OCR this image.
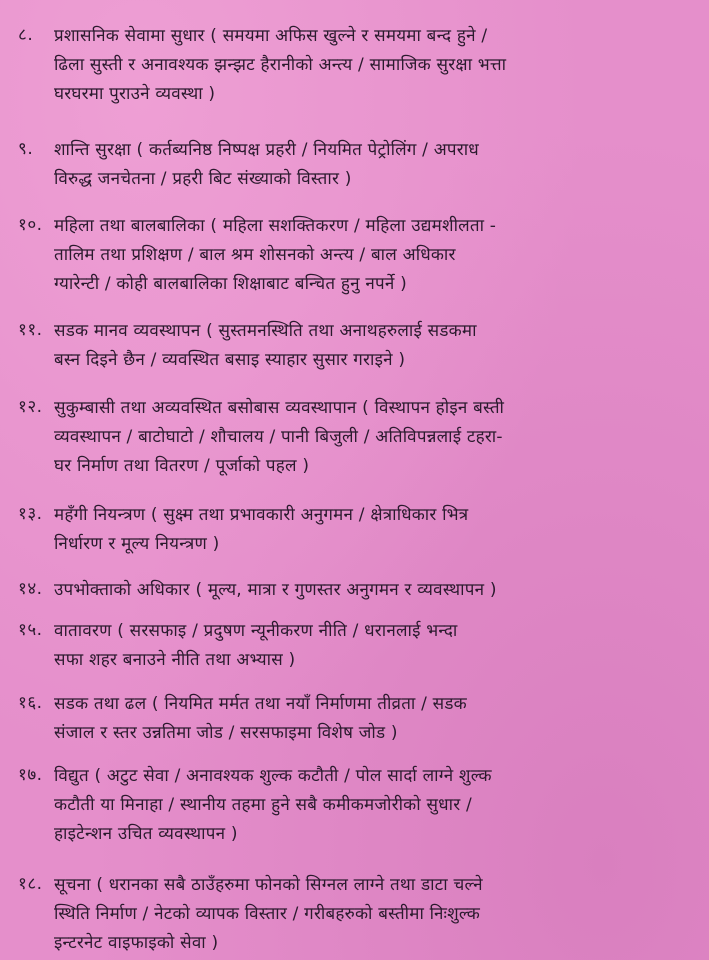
८. प्रशासनिक सेवामा सुधार ( समयमा अफिस खुल्ने र समयमा बन्द हुने /
ढिला सुस्ती र अनावश्यक झन्झट हैरानीको अन्त्य / सामाजिक सुरक्षा भत्ता
घरघरमा पुराउने व्यवस्था )
९. शान्ति सुरक्षा ( कर्तब्यनिष्ठ निष्पक्ष प्रहरी / नियमित पेट्रोलिंग / अपराध
विरुद्ध जनचेतना / प्रहरी बिट संख्याको विस्तार )
१०. महिला तथा बालबालिका ( महिला सशक्तिकरण / महिला उद्यमशीलता -
तालिम तथा प्रशिक्षण / बाल श्रम शोसनको अन्त्य / बाल अधिकार
ग्यारेन्टी / कोही बालबालिका शिक्षाबाट बन्चित हुनु नपर्ने )
११. सडक मानव व्यवस्थापन ( सुस्तमनस्थिति तथा अनाथहरुलाई सडकमा
बस्न दिइने छैन / व्यवस्थित बसाइ स्याहार सुसार गराइने )
१२. सुकुम्बासी तथा अव्यवस्थित बसोबास व्यवस्थापान ( विस्थापन होइन बस्ती
व्यवस्थापन / बाटोघाटो / शौचालय / पानी बिजुली / अतिविपन्नलाई टहरा-
घर निर्माण तथा वितरण / पूर्जाको पहल )
१३. महँगी नियन्त्रण ( सुक्ष्म तथा प्रभावकारी अनुगमन / क्षेत्राधिकार भित्र
निर्धारण र मूल्य नियन्त्रण )
१४. उपभोक्ताको अधिकार ( मूल्य, मात्रा र गुणस्तर अनुगमन र व्यवस्थापन )
१५. वातावरण ( सरसफाइ / प्रदुषण न्यूनीकरण नीति / धरानलाई भन्दा
सफा शहर बनाउने नीति तथा अभ्यास )
१६. सडक तथा ढल ( नियमित मर्मत तथा नयाँ निर्माणमा तीव्रता / सडक
संजाल र स्तर उन्नतिमा जोड / सरसफाइमा विशेष जोड )
१७. विद्युत ( अटुट सेवा / अनावश्यक शुल्क कटौती / पोल सार्दा लाग्ने शुल्क
कटौती या मिनाहा / स्थानीय तहमा हुने सबै कमीकमजोरीको सुधार /
हाइटेन्शन उचित व्यवस्थापन )
१८. सूचना ( धरानका सबै ठाउँहरुमा फोनको सिग्नल लाग्ने तथा डाटा चल्ने
स्थिति निर्माण / नेटको व्यापक विस्तार / गरीबहरुको बस्तीमा निःशुल्क
इन्टरनेट वाइफाइको सेवा )
